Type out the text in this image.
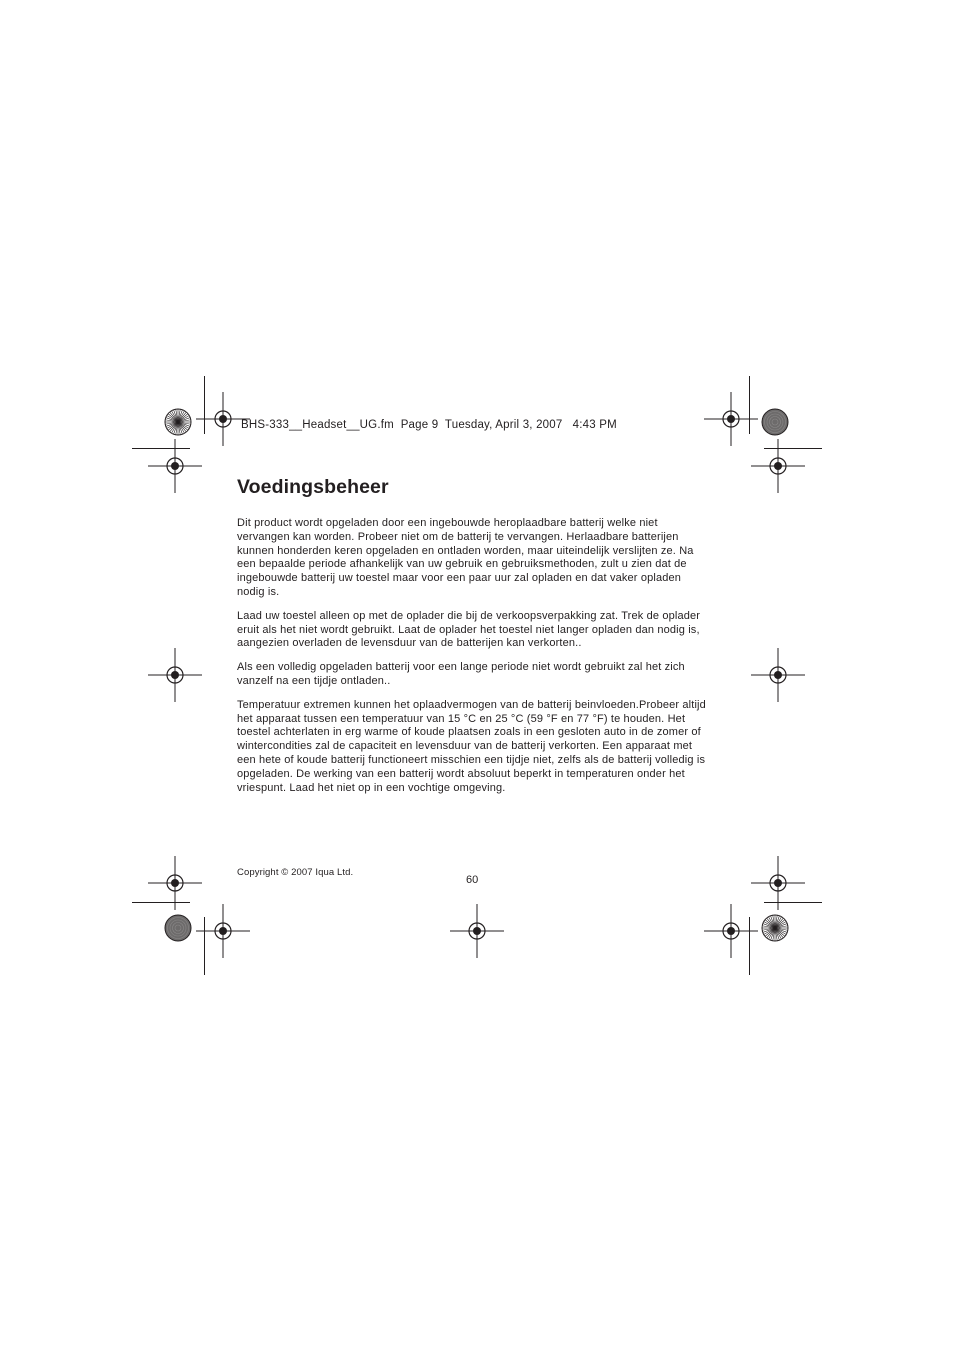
BHS-333__Headset__UG.fm  Page 9  Tuesday, April 3, 2007   4:43 PM
Voedingsbeheer

Dit product wordt opgeladen door een ingebouwde heroplaadbare batterij welke niet vervangen kan worden. Probeer niet om de batterij te vervangen. Herlaadbare batterijen kunnen honderden keren opgeladen en ontladen worden, maar uiteindelijk verslijten ze. Na een bepaalde periode afhankelijk van uw gebruik en gebruiksmethoden, zult u zien dat de ingebouwde batterij uw toestel maar voor een paar uur zal opladen en dat vaker opladen nodig is.

Laad uw toestel alleen op met de oplader die bij de verkoopsverpakking zat. Trek de oplader eruit als het niet wordt gebruikt. Laat de oplader het toestel niet langer opladen dan nodig is, aangezien overladen de levensduur van de batterijen kan verkorten..

Als een volledig opgeladen batterij voor een lange periode niet wordt gebruikt zal het zich vanzelf na een tijdje ontladen..

Temperatuur extremen kunnen het oplaadvermogen van de batterij beinvloeden.Probeer altijd het apparaat tussen een temperatuur van 15 °C en 25 °C (59 °F en 77 °F) te houden. Het toestel achterlaten in erg warme of koude plaatsen zoals in een gesloten auto in de zomer of wintercondities zal de capaciteit en levensduur van de batterij verkorten. Een apparaat met een hete of koude batterij functioneert misschien een tijdje niet, zelfs als de batterij volledig is opgeladen. De werking van een batterij wordt absoluut beperkt in temperaturen onder het vriespunt. Laad het niet op in een vochtige omgeving.

Copyright © 2007 Iqua Ltd.
60
